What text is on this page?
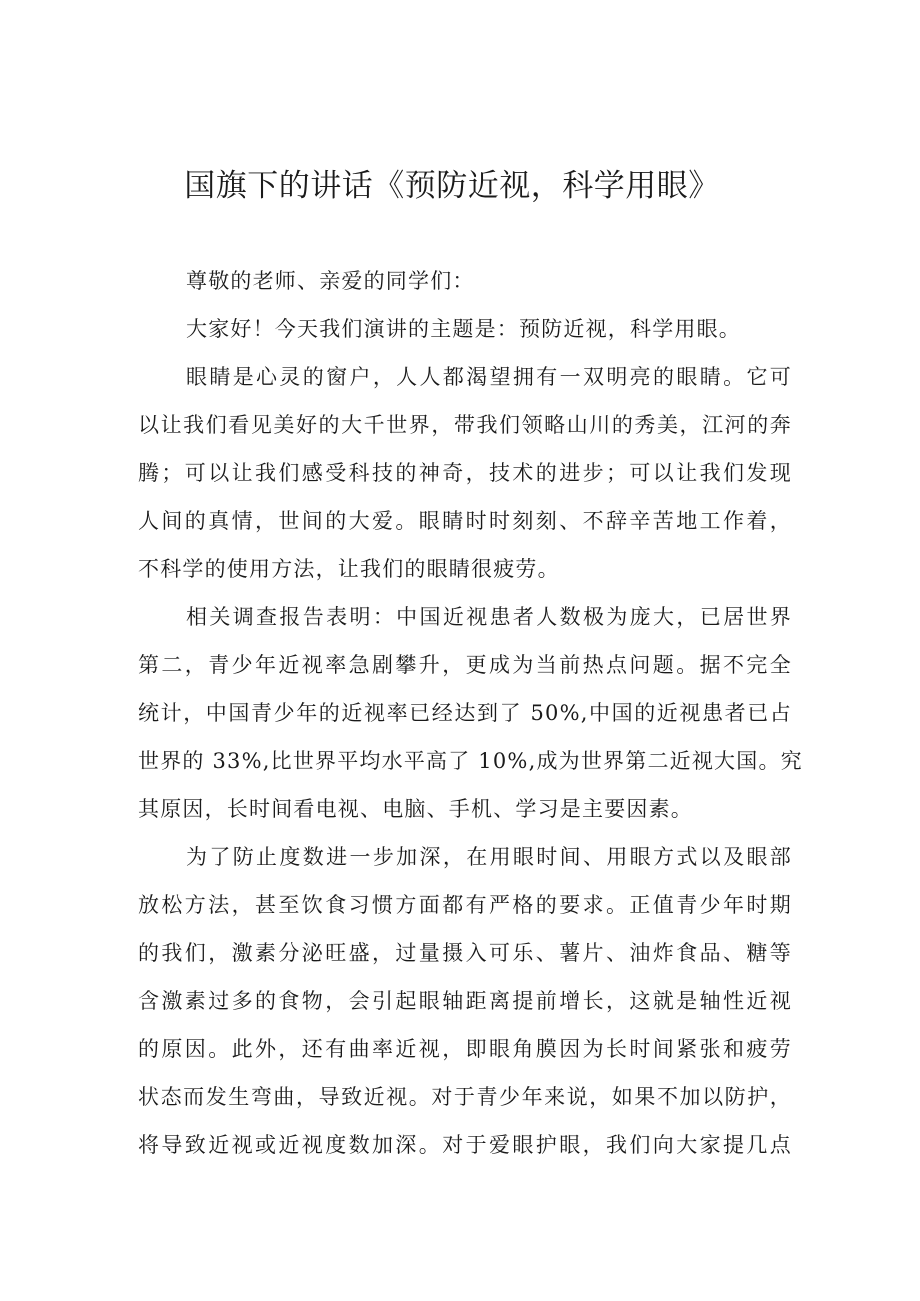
国旗下的讲话《预防近视，科学用眼》
尊敬的老师、亲爱的同学们：
大家好！今天我们演讲的主题是：预防近视，科学用眼。
眼睛是心灵的窗户，人人都渴望拥有一双明亮的眼睛。它可
以让我们看见美好的大千世界，带我们领略山川的秀美，江河的奔
腾；可以让我们感受科技的神奇，技术的进步；可以让我们发现
人间的真情，世间的大爱。眼睛时时刻刻、不辞辛苦地工作着，
不科学的使用方法，让我们的眼睛很疲劳。
相关调查报告表明：中国近视患者人数极为庞大，已居世界
第二，青少年近视率急剧攀升，更成为当前热点问题。据不完全
统计，中国青少年的近视率已经达到了 50%,中国的近视患者已占
世界的 33%,比世界平均水平高了 10%,成为世界第二近视大国。究
其原因，长时间看电视、电脑、手机、学习是主要因素。
为了防止度数进一步加深，在用眼时间、用眼方式以及眼部
放松方法，甚至饮食习惯方面都有严格的要求。正值青少年时期
的我们，激素分泌旺盛，过量摄入可乐、薯片、油炸食品、糖等
含激素过多的食物，会引起眼轴距离提前增长，这就是轴性近视
的原因。此外，还有曲率近视，即眼角膜因为长时间紧张和疲劳
状态而发生弯曲，导致近视。对于青少年来说，如果不加以防护，
将导致近视或近视度数加深。对于爱眼护眼，我们向大家提几点
